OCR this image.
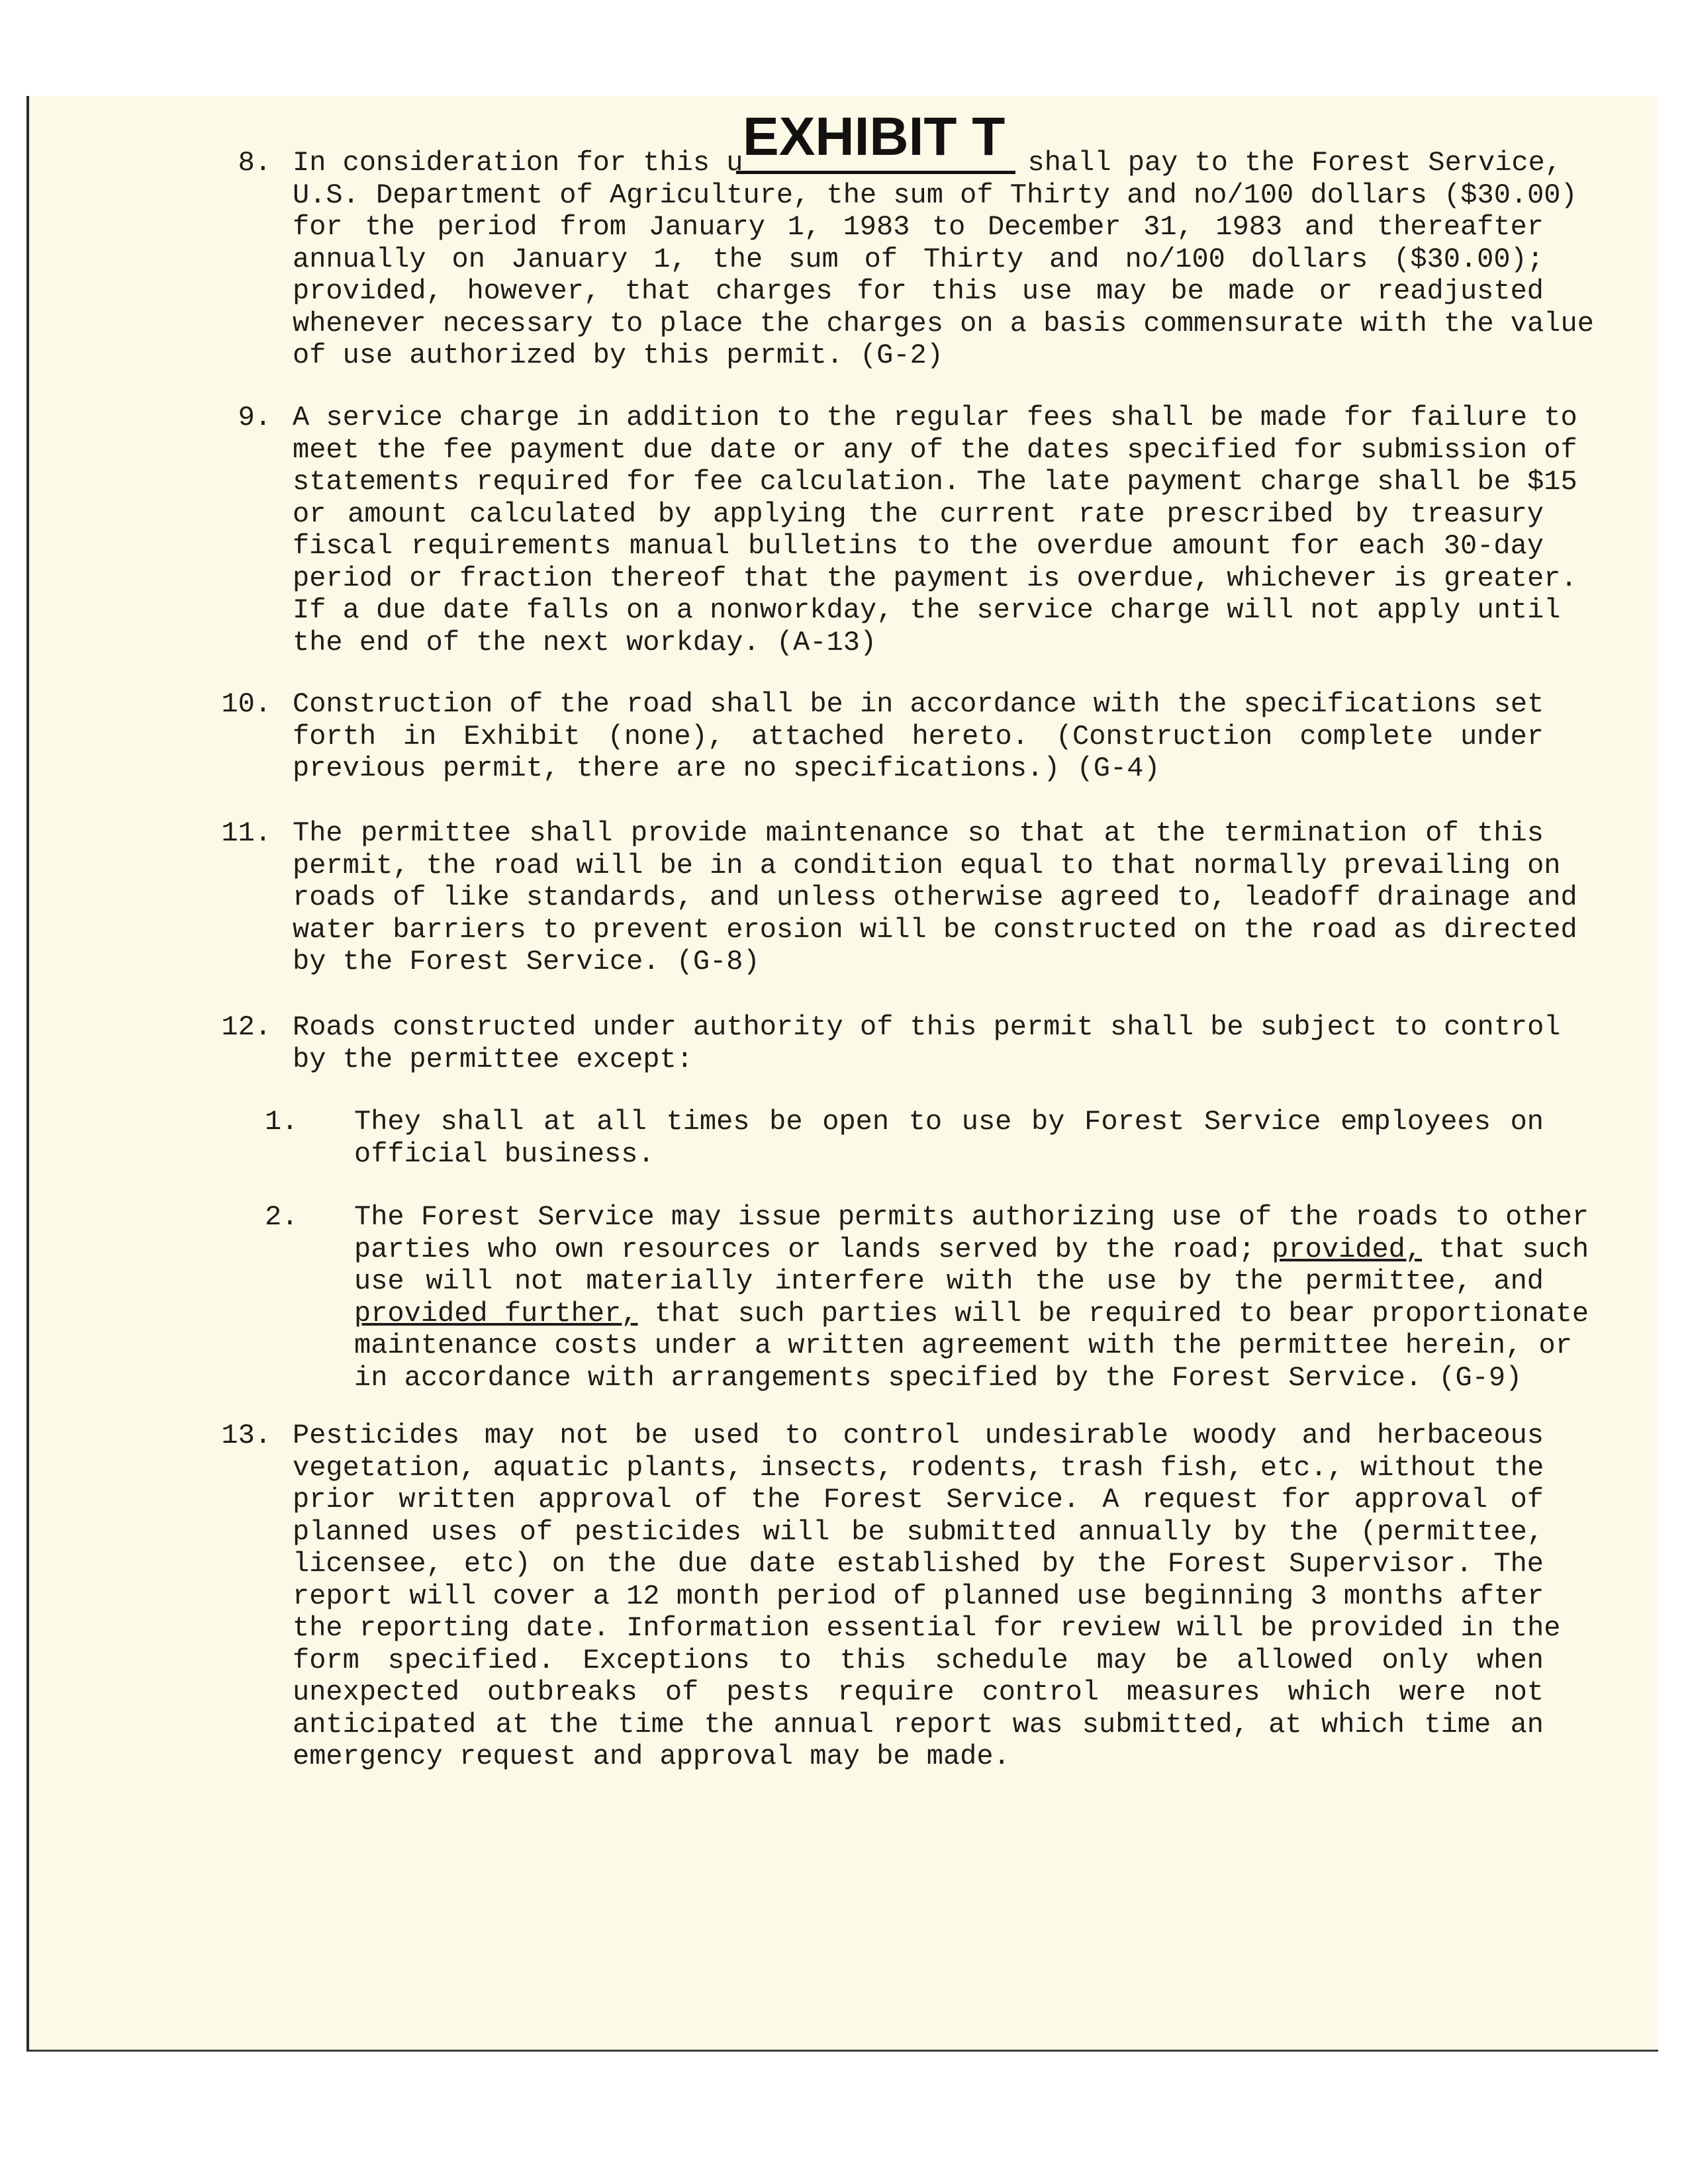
EXHIBIT T
8. In consideration for this u	shall pay to the Forest Service,
U.S. Department of Agriculture, the sum of Thirty and no/100 dollars ($30.00)
for the period from January 1, 1983 to December 31, 1983 and thereafter
annually on January 1, the sum of Thirty and no/100 dollars ($30.00);
provided, however, that charges for this use may be made or readjusted
whenever necessary to place the charges on a basis commensurate with the value
of use authorized by this permit. (G-2)
9. A service charge in addition to the regular fees shall be made for failure to
meet the fee payment due date or any of the dates specified for submission of
statements required for fee calculation. The late payment charge shall be $15
or amount calculated by applying the current rate prescribed by treasury
fiscal requirements manual bulletins to the overdue amount for each 30-day
period or fraction thereof that the payment is overdue, whichever is greater.
If a due date falls on a nonworkday, the service charge will not apply until
the end of the next workday. (A-13)
10. Construction of the road shall be in accordance with the specifications set
forth in Exhibit (none), attached hereto. (Construction complete under
previous permit, there are no specifications.) (G-4)
11. The permittee shall provide maintenance so that at the termination of this
permit, the road will be in a condition equal to that normally prevailing on
roads of like standards, and unless otherwise agreed to, leadoff drainage and
water barriers to prevent erosion will be constructed on the road as directed
by the Forest Service. (G-8)
12. Roads constructed under authority of this permit shall be subject to control
by the permittee except:
1.	They shall at all times be open to use by Forest Service employees on
official business.
2.	The Forest Service may issue permits authorizing use of the roads to other
parties who own resources or lands served by the road; provided, that such
use will not materially interfere with the use by the permittee, and
provided further, that such parties will be required to bear proportionate
maintenance costs under a written agreement with the permittee herein, or
in accordance with arrangements specified by the Forest Service. (G-9)
13. Pesticides may not be used to control undesirable woody and herbaceous
vegetation, aquatic plants, insects, rodents, trash fish, etc., without the
prior written approval of the Forest Service. A request for approval of
planned uses of pesticides will be submitted annually by the (permittee,
licensee, etc) on the due date established by the Forest Supervisor. The
report will cover a 12 month period of planned use beginning 3 months after
the reporting date. Information essential for review will be provided in the
form specified. Exceptions to this schedule may be allowed only when
unexpected outbreaks of pests require control measures which were not
anticipated at the time the annual report was submitted, at which time an
emergency request and approval may be made.
